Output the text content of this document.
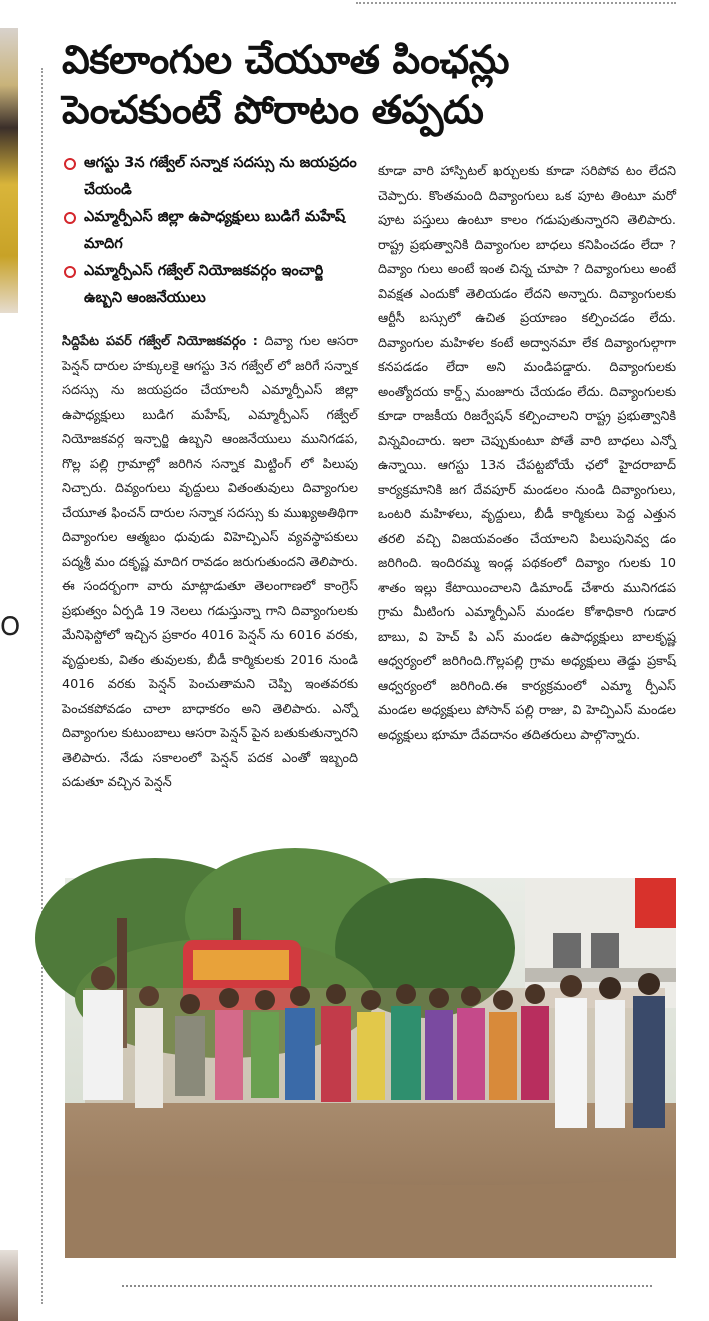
౦
వికలాంగుల చేయూత పింఛన్లు
పెంచకుంటే పోరాటం తప్పదు
ఆగస్టు 3న గజ్వేల్ సన్నాక సదస్సు ను జయప్రదం చేయండి
ఎమ్మార్పీఎస్ జిల్లా ఉపాధ్యక్షులు బుడిగే మహేష్ మాదిగ
ఎమ్మార్పీఎస్ గజ్వేల్ నియోజకవర్గం ఇంచార్జి ఉబ్బని ఆంజనేయులు
సిద్దిపేట పవర్ గజ్వేల్ నియోజకవర్గం : దివ్యా గుల ఆసరా పెన్షన్ దారుల హక్కులకై ఆగస్టు 3న గజ్వేల్ లో జరిగే సన్నాక సదస్సు ను జయప్రదం చేయాలనీ ఎమ్మార్పీఎస్ జిల్లా ఉపాధ్యక్షులు బుడిగ మహేష్, ఎమ్మార్పీఎస్ గజ్వేల్ నియోజకవర్గ ఇన్చార్జి ఉబ్బని ఆంజనేయులు మునిగడప, గొల్ల పల్లి గ్రామాల్లో జరిగిన సన్నాక మిట్టింగ్ లో పిలుపు నిచ్చారు. దివ్యంగులు వృద్దులు వితంతువులు దివ్యాంగుల చేయూత ఫించన్ దారుల సన్నాక సదస్సు కు ముఖ్యఅతిథిగా దివ్యాంగుల ఆత్మబం ధువుడు విహెచ్పిఎస్ వ్యవస్థాపకులు పద్మశ్రీ మం దకృష్ణ మాదిగ రావడం జరుగుతుందని తెలిపారు. ఈ సందర్బంగా వారు మాట్లాడుతూ తెలంగాణలో కాంగ్రెస్ ప్రభుత్వం ఏర్పడి 19 నెలలు గడుస్తున్నా గాని దివ్యాంగులకు మేనిఫెస్టోలో ఇచ్చిన ప్రకారం 4016 పెన్షన్ ను 6016 వరకు, వృద్దులకు, వితం తువులకు, బీడీ కార్మికులకు 2016 నుండి 4016 వరకు పెన్షన్ పెంచుతామని చెప్పి ఇంతవరకు పెంచకపోవడం చాలా బాధాకరం అని తెలిపారు. ఎన్నో దివ్యాంగుల కుటుంబాలు ఆసరా పెన్షన్ పైన బతుకుతున్నారని తెలిపారు. నేడు సకాలంలో పెన్షన్ పదక ఎంతో ఇబ్బంది పడుతూ వచ్చిన పెన్షన్
కూడా వారి హాస్పిటల్ ఖర్చులకు కూడా సరిపోవ టం లేదని చెప్పారు. కొంతమంది దివ్యాంగులు ఒక పూట తింటూ మరో పూట పస్తులు ఉంటూ కాలం గడుపుతున్నారని తెలిపారు. రాష్ట్ర ప్రభుత్వానికి దివ్యాంగుల బాధలు కనిపించడం లేదా ? దివ్యాం గులు అంటే ఇంత చిన్న చూపా ? దివ్యాంగులు అంటే వివక్షత ఎందుకో తెలియడం లేదని అన్నారు. దివ్యాంగులకు ఆర్టీసీ బస్సులో ఉచిత ప్రయాణం కల్పించడం లేదు. దివ్యాంగుల మహిళల కంటే అద్వానమా లేక దివ్యాంగుల్గాగా కనపడడం లేదా అని మండిపడ్డారు. దివ్యాంగులకు అంత్యోదయ కార్డ్స్ మంజూరు చేయడం లేదు. దివ్యాంగులకు కూడా రాజకీయ రిజర్వేషన్ కల్పించాలని రాష్ట్ర ప్రభుత్వానికి విన్నవించారు. ఇలా చెప్పుకుంటూ పోతే వారి బాధలు ఎన్నో ఉన్నాయి. ఆగస్టు 13న చేపట్టబోయే ఛలో హైదరాబాద్ కార్యక్రమానికి జగ దేవపూర్ మండలం నుండి దివ్యాంగులు, ఒంటరి మహిళలు, వృద్దులు, బీడీ కార్మికులు పెద్ద ఎత్తున తరలి వచ్చి విజయవంతం చేయాలని పిలుపునివ్వ డం జరిగింది. ఇందిరమ్మ ఇండ్ల పథకంలో దివ్యాం గులకు 10 శాతం ఇల్లు కేటాయించాలని డిమాండ్ చేశారు మునిగడప గ్రామ మీటింగు ఎమ్మార్పీఎస్ మండల కోశాధికారి గుడార బాబు, వి హెచ్ పి ఎస్ మండల ఉపాధ్యక్షులు బాలకృష్ణ ఆధ్వర్యంలో జరిగింది.గొల్లపల్లి గ్రామ అధ్యక్షులు తెడ్డు ప్రకాష్ ఆధ్వర్యంలో జరిగింది.ఈ కార్యక్రమంలో ఎమ్మా ర్పీఎస్ మండల అధ్యక్షులు పోసాన్ పల్లి రాజు, వి హెచ్పిఎస్ మండల అధ్యక్షులు భూమా దేవదానం తదితరులు పాల్గొన్నారు.
